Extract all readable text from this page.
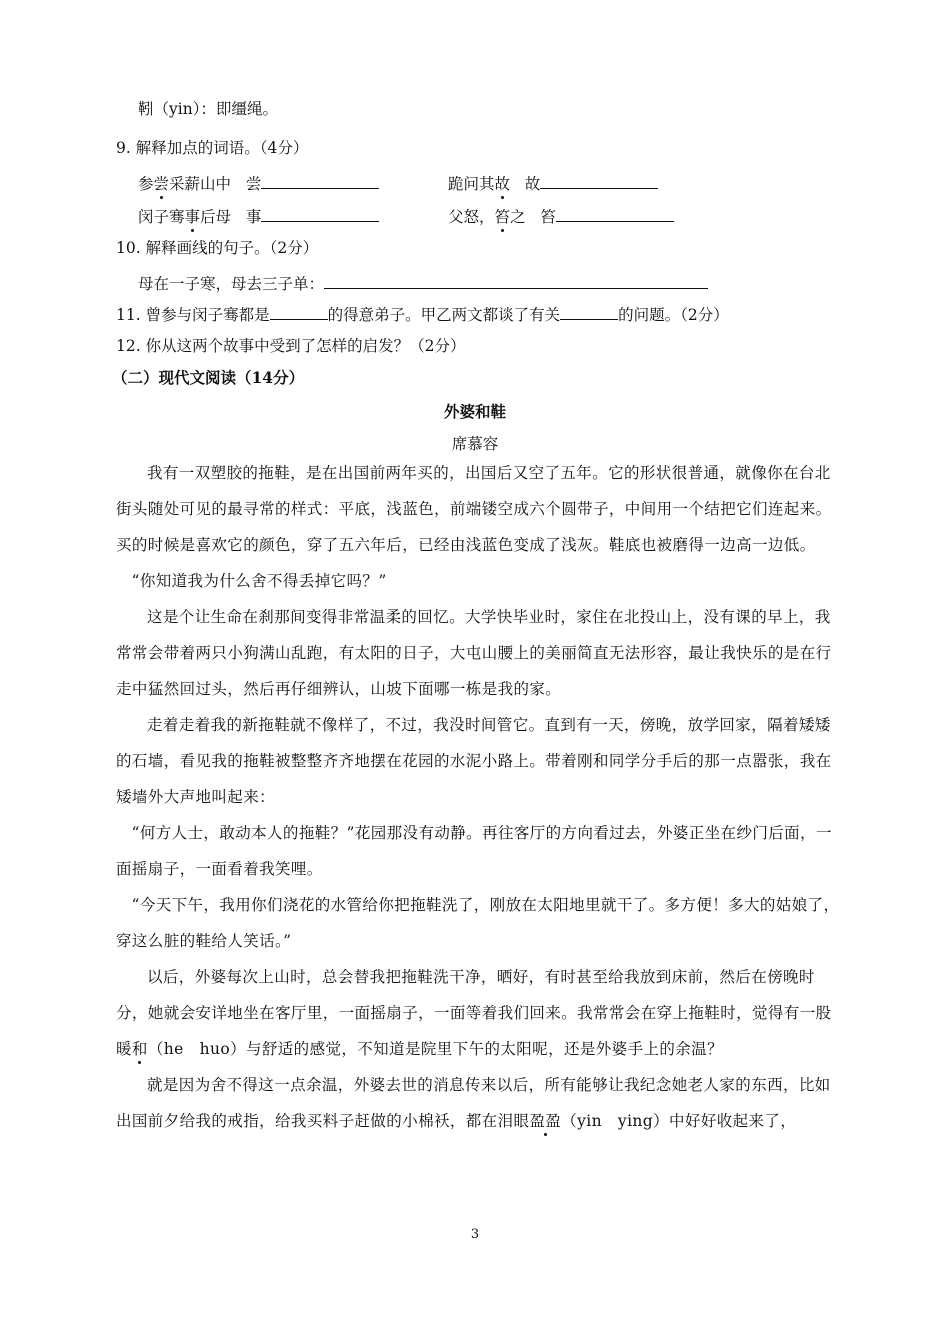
靷（yin）：即缰绳。
9. 解释加点的词语。（4分）
参尝采薪山中 尝	跪问其故 故
闵子骞事后母 事	父怒，笞之 笞
10. 解释画线的句子。（2分）
母在一子寒，母去三子单：
11. 曾参与闵子骞都是	的得意弟子。甲乙两文都谈了有关	的问题。（2分）
12. 你从这两个故事中受到了怎样的启发？（2分）
（二）现代文阅读（14分）
外婆和鞋
席慕容

我有一双塑胶的拖鞋，是在出国前两年买的，出国后又空了五年。它的形状很普通，就像你在台北街头随处可见的最寻常的样式：平底，浅蓝色，前端镂空成六个圆带子，中间用一个结把它们连起来。买的时候是喜欢它的颜色，穿了五六年后，已经由浅蓝色变成了浅灰。鞋底也被磨得一边高一边低。

“你知道我为什么舍不得丢掉它吗？”

这是个让生命在刹那间变得非常温柔的回忆。大学快毕业时，家住在北投山上，没有课的早上，我常常会带着两只小狗满山乱跑，有太阳的日子，大屯山腰上的美丽简直无法形容，最让我快乐的是在行走中猛然回过头，然后再仔细辨认，山坡下面哪一栋是我的家。

走着走着我的新拖鞋就不像样了，不过，我没时间管它。直到有一天，傍晚，放学回家，隔着矮矮的石墙，看见我的拖鞋被整整齐齐地摆在花园的水泥小路上。带着刚和同学分手后的那一点嚣张，我在矮墙外大声地叫起来：

“何方人士，敢动本人的拖鞋？”花园那没有动静。再往客厅的方向看过去，外婆正坐在纱门后面，一面摇扇子，一面看着我笑哩。

“今天下午，我用你们浇花的水管给你把拖鞋洗了，刚放在太阳地里就干了。多方便！多大的姑娘了，穿这么脏的鞋给人笑话。”

以后，外婆每次上山时，总会替我把拖鞋洗干净，晒好，有时甚至给我放到床前，然后在傍晚时分，她就会安详地坐在客厅里，一面摇扇子，一面等着我们回来。我常常会在穿上拖鞋时，觉得有一股暖和（he　huo）与舒适的感觉，不知道是院里下午的太阳呢，还是外婆手上的余温？

就是因为舍不得这一点余温，外婆去世的消息传来以后，所有能够让我纪念她老人家的东西，比如出国前夕给我的戒指，给我买料子赶做的小棉袄，都在泪眼盈盈（yin　ying）中好好收起来了，

3
